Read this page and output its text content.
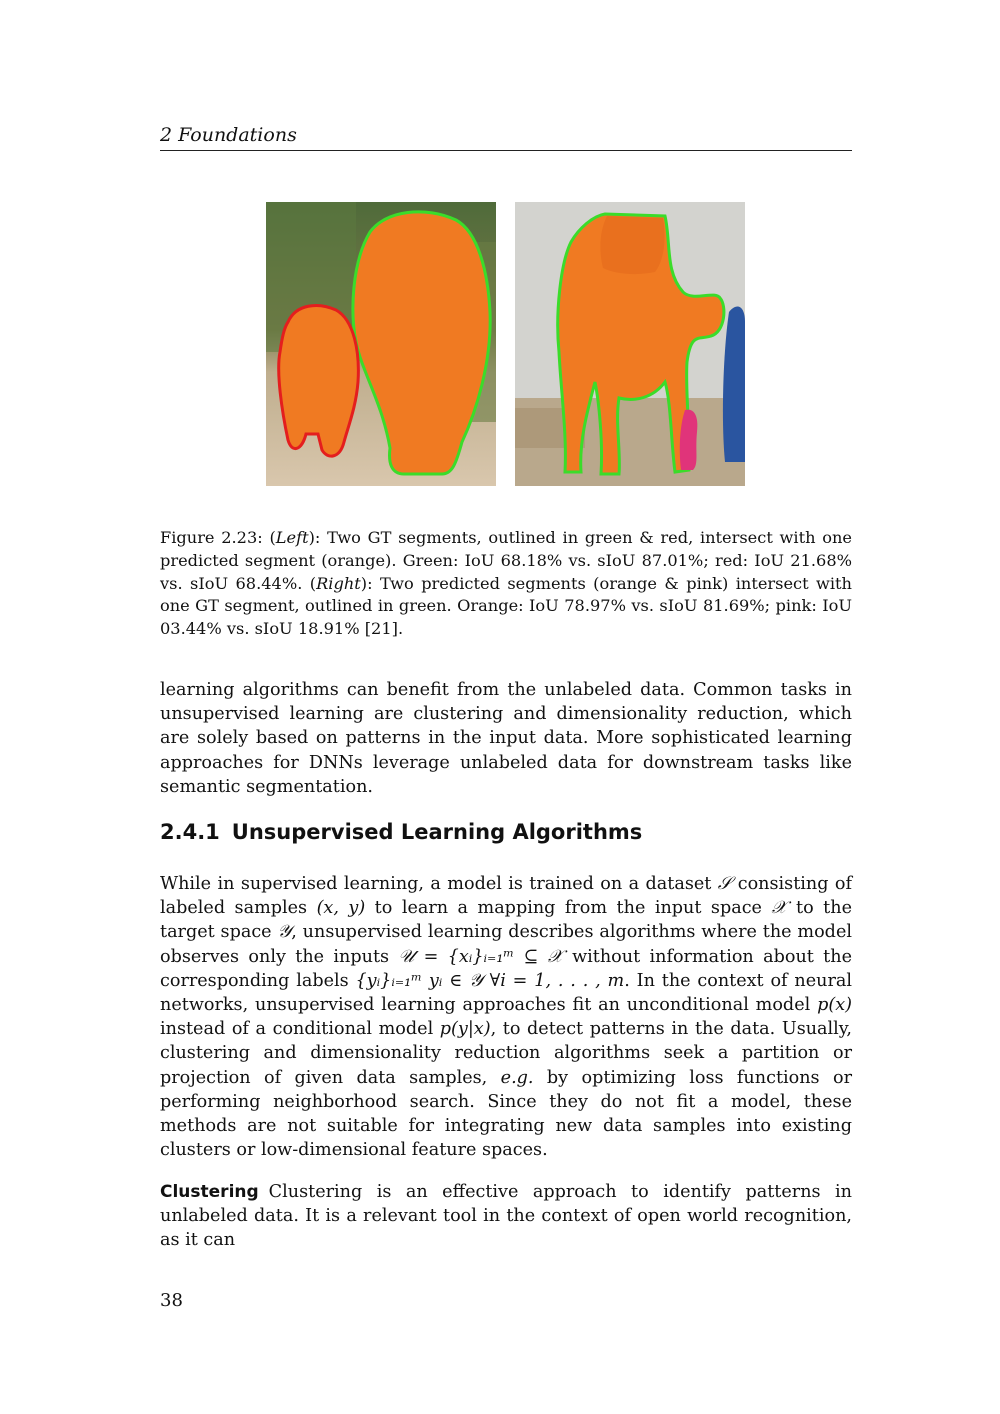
2 Foundations
Figure 2.23: (Left): Two GT segments, outlined in green & red, intersect with one predicted segment (orange). Green: IoU 68.18% vs. sIoU 87.01%; red: IoU 21.68% vs. sIoU 68.44%. (Right): Two predicted segments (orange & pink) intersect with one GT segment, outlined in green. Orange: IoU 78.97% vs. sIoU 81.69%; pink: IoU 03.44% vs. sIoU 18.91% [21].
learning algorithms can benefit from the unlabeled data. Common tasks in unsupervised learning are clustering and dimensionality reduction, which are solely based on patterns in the input data. More sophisticated learning approaches for DNNs leverage unlabeled data for downstream tasks like semantic segmentation.
2.4.1 Unsupervised Learning Algorithms
While in supervised learning, a model is trained on a dataset 𝒮 consisting of labeled samples (x, y) to learn a mapping from the input space 𝒳 to the target space 𝒴, unsupervised learning describes algorithms where the model observes only the inputs 𝒰 = {xᵢ}ᵢ₌₁ᵐ ⊆ 𝒳 without information about the corresponding labels {yᵢ}ᵢ₌₁ᵐ yᵢ ∈ 𝒴 ∀i = 1, . . . , m. In the context of neural networks, unsupervised learning approaches fit an unconditional model p(x) instead of a conditional model p(y|x), to detect patterns in the data. Usually, clustering and dimensionality reduction algorithms seek a partition or projection of given data samples, e.g. by optimizing loss functions or performing neighborhood search. Since they do not fit a model, these methods are not suitable for integrating new data samples into existing clusters or low-dimensional feature spaces.
Clustering Clustering is an effective approach to identify patterns in unlabeled data. It is a relevant tool in the context of open world recognition, as it can
38
